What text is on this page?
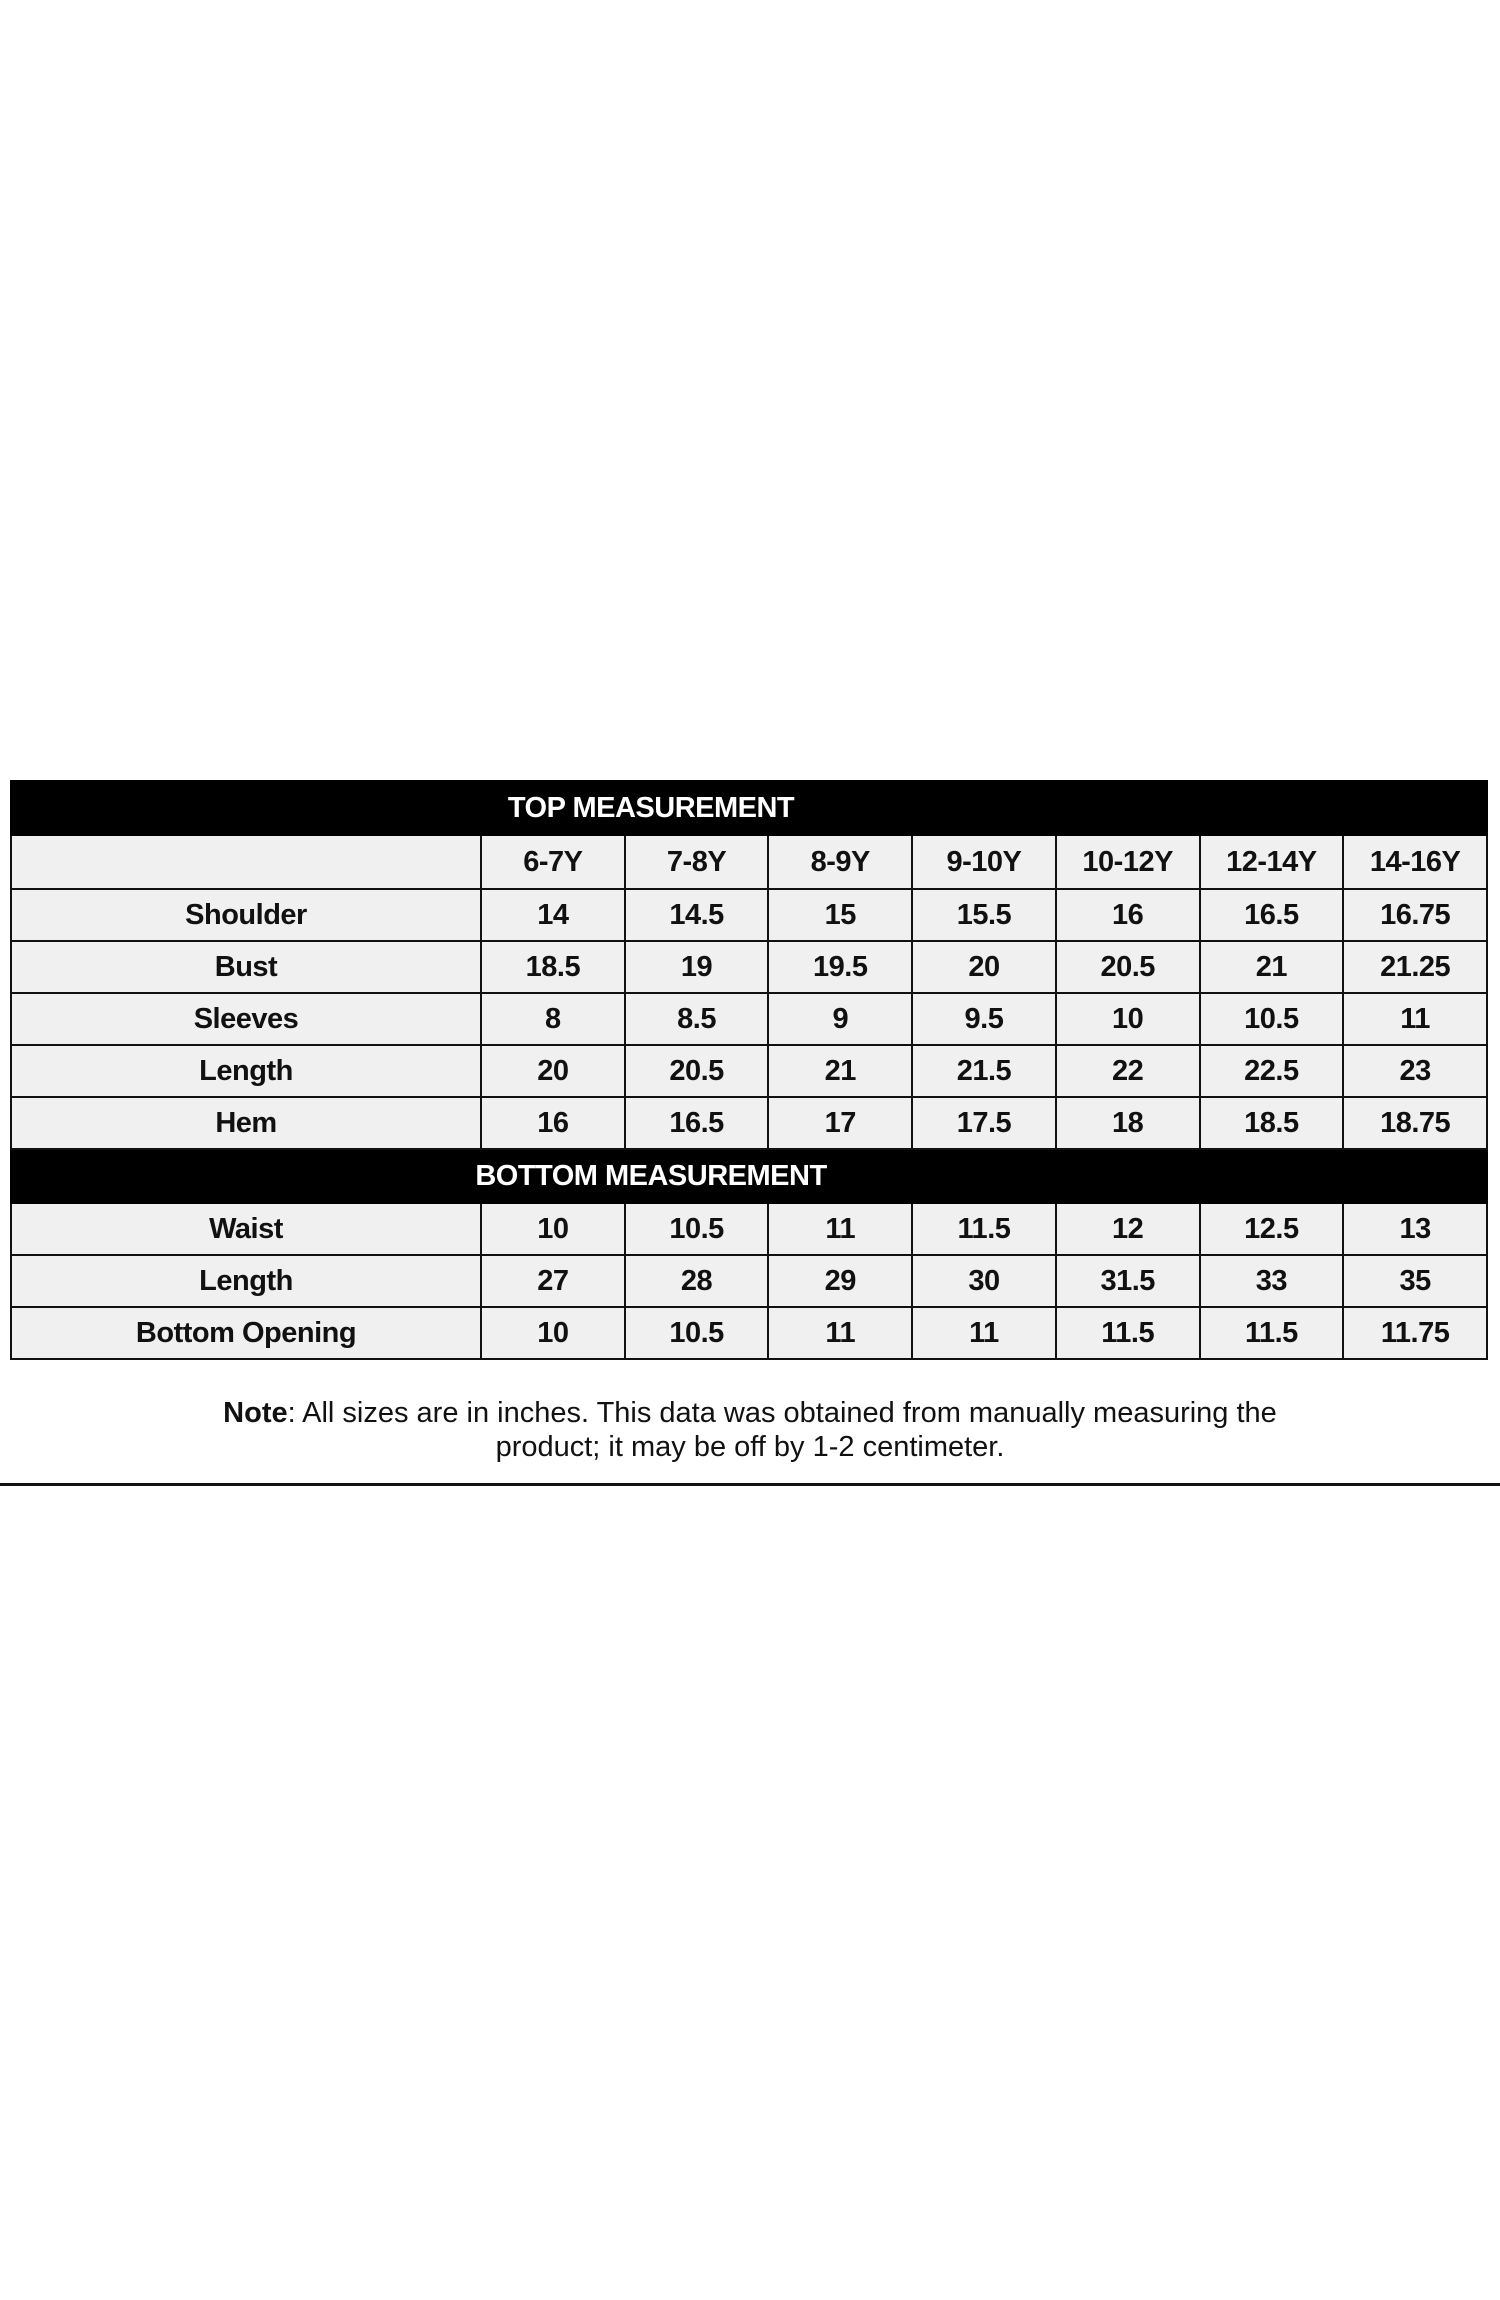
TOP MEASUREMENT							
	6-7Y	7-8Y	8-9Y	9-10Y	10-12Y	12-14Y	14-16Y
Shoulder	14	14.5	15	15.5	16	16.5	16.75
Bust	18.5	19	19.5	20	20.5	21	21.25
Sleeves	8	8.5	9	9.5	10	10.5	11
Length	20	20.5	21	21.5	22	22.5	23
Hem	16	16.5	17	17.5	18	18.5	18.75
BOTTOM MEASUREMENT							
Waist	10	10.5	11	11.5	12	12.5	13
Length	27	28	29	30	31.5	33	35
Bottom Opening	10	10.5	11	11	11.5	11.5	11.75
Note: All sizes are in inches. This data was obtained from manually measuring the
product; it may be off by 1-2 centimeter.
